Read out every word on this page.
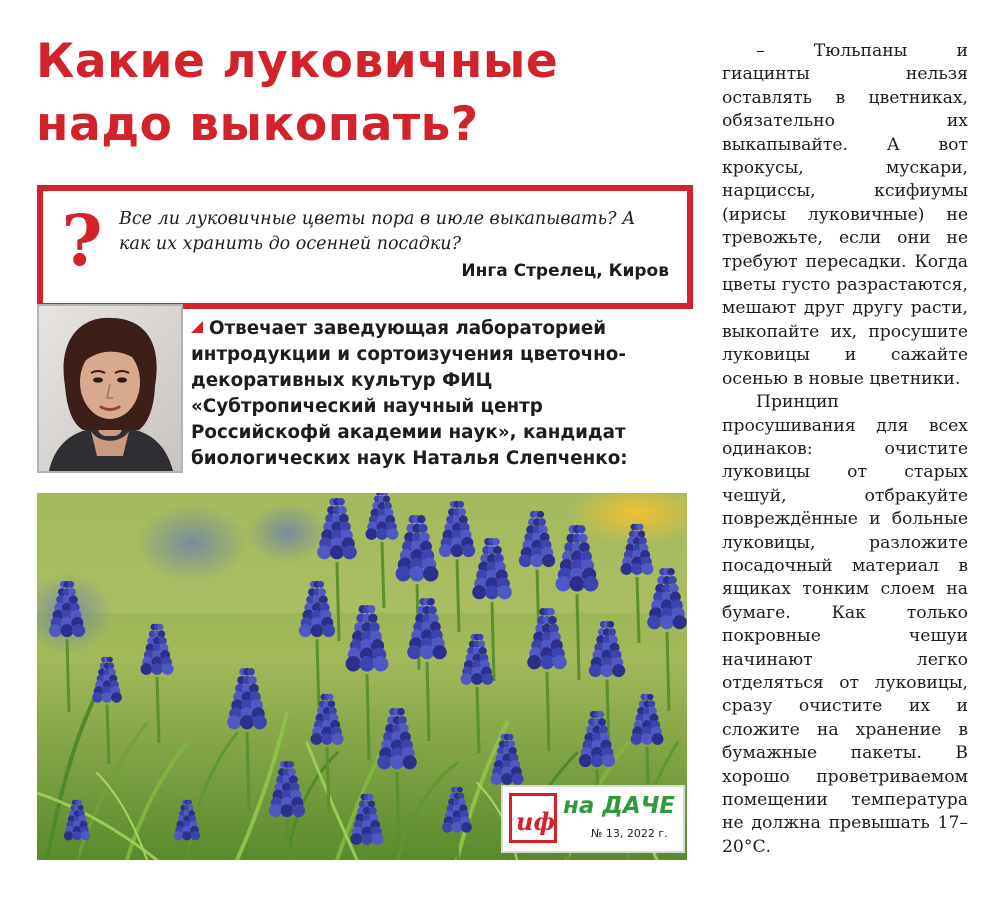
Какие луковичные надо выкопать?
? Все ли луковичные цветы пора в июле выкапывать? А как их хранить до осенней посадки?
Инга Стрелец, Киров
Отвечает заведующая лабораторией интродукции и сортоизучения цветочно-декоративных культур ФИЦ «Субтропический научный центр Российскофй академии наук», кандидат биологических наук Наталья Слепченко:
иф
на ДАЧЕ
№ 13, 2022 г.

– Тюльпаны и гиацинты нельзя оставлять в цветниках, обязательно их выкапывайте. А вот крокусы, мускари, нарциссы, ксифиумы (ирисы луковичные) не тревожьте, если они не требуют пересадки. Когда цветы густо разрастаются, мешают друг другу расти, выкопайте их, просушите луковицы и сажайте осенью в новые цветники.

Принцип просушивания для всех одинаков: очистите луковицы от старых чешуй, отбракуйте повреждённые и больные луковицы, разложите посадочный материал в ящиках тонким слоем на бумаге. Как только покровные чешуи начинают легко отделяться от луковицы, сразу очистите их и сложите на хранение в бумажные пакеты. В хорошо проветриваемом помещении температура не должна превышать 17–20°С.
